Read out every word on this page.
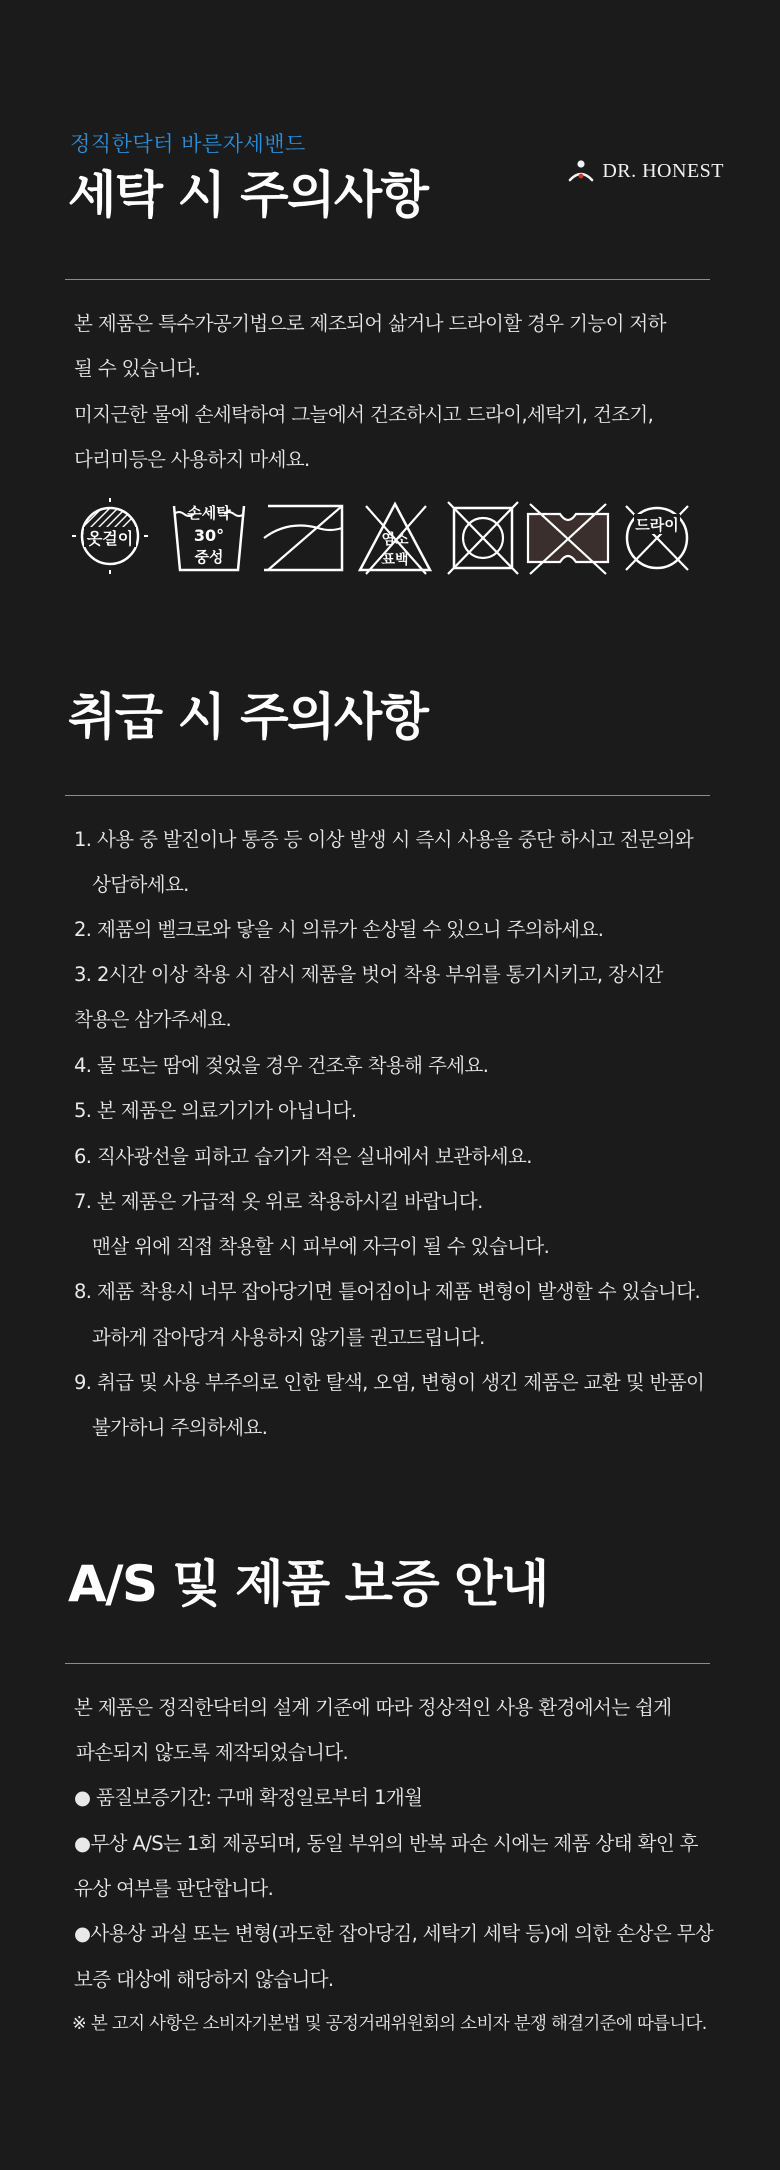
정직한닥터 바른자세밴드
DR. HONEST
세탁 시 주의사항
본 제품은 특수가공기법으로 제조되어 삶거나 드라이할 경우 기능이 저하
될 수 있습니다.
미지근한 물에 손세탁하여 그늘에서 건조하시고 드라이,세탁기, 건조기,
다리미등은 사용하지 마세요.
옷걸이
손세탁
30°
중성
염소
표백
드라이
취급 시 주의사항
1. 사용 중 발진이나 통증 등 이상 발생 시 즉시 사용을 중단 하시고 전문의와
상담하세요.
2. 제품의 벨크로와 닿을 시 의류가 손상될 수 있으니 주의하세요.
3. 2시간 이상 착용 시 잠시 제품을 벗어 착용 부위를 통기시키고, 장시간
착용은 삼가주세요.
4. 물 또는 땀에 젖었을 경우 건조후 착용해 주세요.
5. 본 제품은 의료기기가 아닙니다.
6. 직사광선을 피하고 습기가 적은 실내에서 보관하세요.
7. 본 제품은 가급적 옷 위로 착용하시길 바랍니다.
맨살 위에 직접 착용할 시 피부에 자극이 될 수 있습니다.
8. 제품 착용시 너무 잡아당기면 틑어짐이나 제품 변형이 발생할 수 있습니다.
과하게 잡아당겨 사용하지 않기를 권고드립니다.
9. 취급 및 사용 부주의로 인한 탈색, 오염, 변형이 생긴 제품은 교환 및 반품이
불가하니 주의하세요.
A/S 및 제품 보증 안내
본 제품은 정직한닥터의 설계 기준에 따라 정상적인 사용 환경에서는 쉽게
파손되지 않도록 제작되었습니다.
● 품질보증기간: 구매 확정일로부터 1개월
●무상 A/S는 1회 제공되며, 동일 부위의 반복 파손 시에는 제품 상태 확인 후
유상 여부를 판단합니다.
●사용상 과실 또는 변형(과도한 잡아당김, 세탁기 세탁 등)에 의한 손상은 무상
보증 대상에 해당하지 않습니다.
※ 본 고지 사항은 소비자기본법 및 공정거래위원회의 소비자 분쟁 해결기준에 따릅니다.
